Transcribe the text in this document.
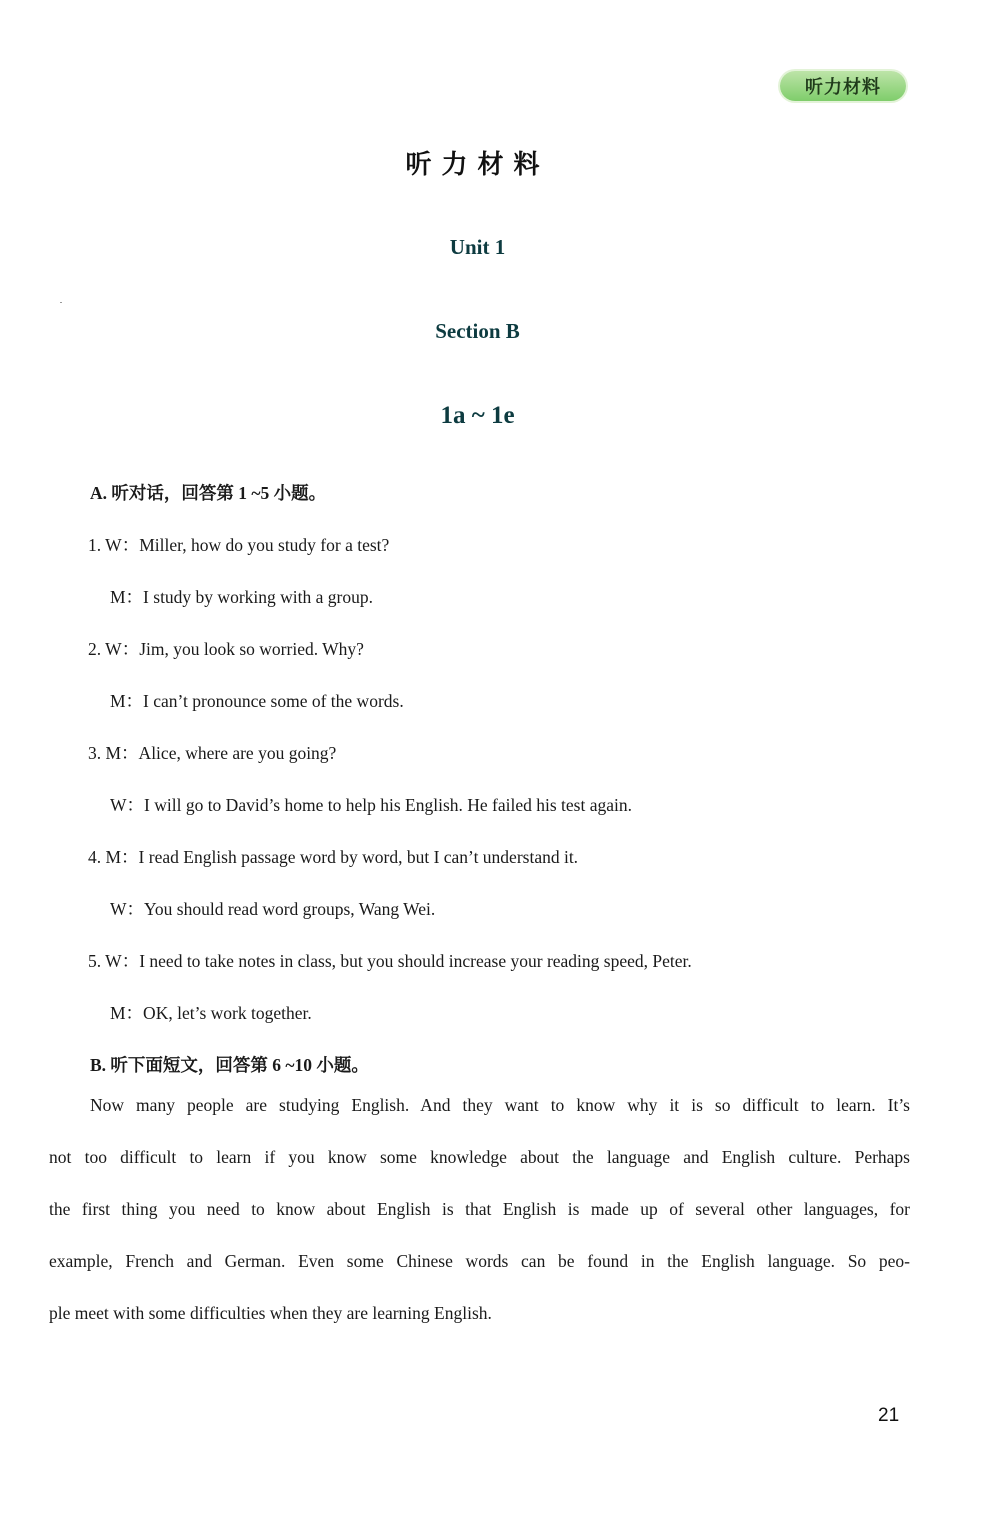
听力材料
听力材料
Unit 1
Section B
1a ~ 1e
A. 听对话，回答第 1 ~5 小题。
1. W：Miller, how do you study for a test?
M：I study by working with a group.
2. W：Jim, you look so worried. Why?
M：I can’t pronounce some of the words.
3. M：Alice, where are you going?
W：I will go to David’s home to help his English. He failed his test again.
4. M：I read English passage word by word, but I can’t understand it.
W：You should read word groups, Wang Wei.
5. W：I need to take notes in class, but you should increase your reading speed, Peter.
M：OK, let’s work together.
B. 听下面短文，回答第 6 ~10 小题。
Now many people are studying English. And they want to know why it is so difficult to learn. It’s
not too difficult to learn if you know some knowledge about the language and English culture. Perhaps
the first thing you need to know about English is that English is made up of several other languages, for
example, French and German. Even some Chinese words can be found in the English language. So peo-
ple meet with some difficulties when they are learning English.
21
